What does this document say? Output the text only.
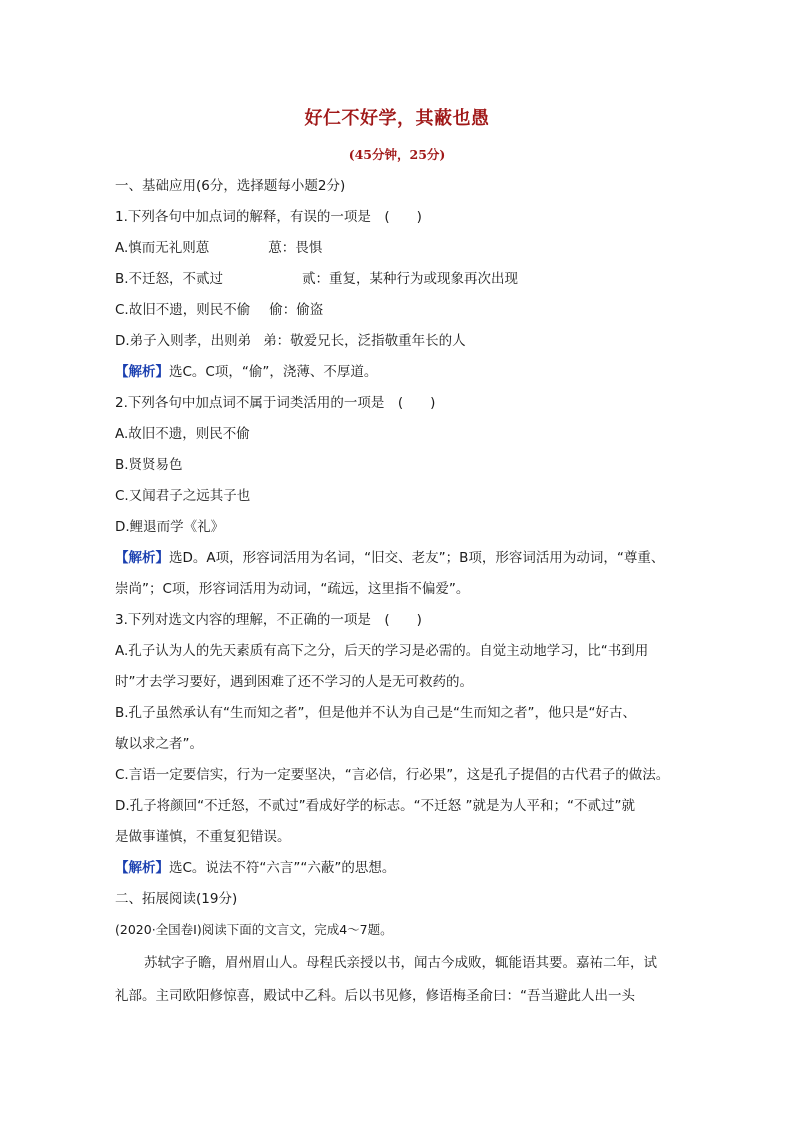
好仁不好学，其蔽也愚
(45分钟，25分)
一、基础应用(6分，选择题每小题2分)
1.下列各句中加点词的解释，有误的一项是　(　　)
A.慎而无礼则葸	葸：畏惧
B.不迁怒，不贰过	贰：重复，某种行为或现象再次出现
C.故旧不遗，则民不偷 偷：偷盗
D.弟子入则孝，出则弟 弟：敬爱兄长，泛指敬重年长的人
【解析】选C。C项，“偷”，浇薄、不厚道。
2.下列各句中加点词不属于词类活用的一项是　(　　)
A.故旧不遗，则民不偷
B.贤贤易色
C.又闻君子之远其子也
D.鲤退而学《礼》
【解析】选D。A项，形容词活用为名词，“旧交、老友”；B项，形容词活用为动词，“尊重、
崇尚”；C项，形容词活用为动词，“疏远，这里指不偏爱”。
3.下列对选文内容的理解，不正确的一项是　(　　)
A.孔子认为人的先天素质有高下之分，后天的学习是必需的。自觉主动地学习，比“书到用
时”才去学习要好，遇到困难了还不学习的人是无可救药的。
B.孔子虽然承认有“生而知之者”，但是他并不认为自己是“生而知之者”，他只是“好古、
敏以求之者”。
C.言语一定要信实，行为一定要坚决，“言必信，行必果”，这是孔子提倡的古代君子的做法。
D.孔子将颜回“不迁怒，不贰过”看成好学的标志。“不迁怒 ”就是为人平和；“不贰过”就
是做事谨慎，不重复犯错误。
【解析】选C。说法不符“六言”“六蔽”的思想。
二、拓展阅读(19分)
(2020·全国卷Ⅰ)阅读下面的文言文，完成4～7题。
苏轼字子瞻，眉州眉山人。母程氏亲授以书，闻古今成败，辄能语其要。嘉祐二年，试
礼部。主司欧阳修惊喜，殿试中乙科。后以书见修，修语梅圣俞曰：“吾当避此人出一头
